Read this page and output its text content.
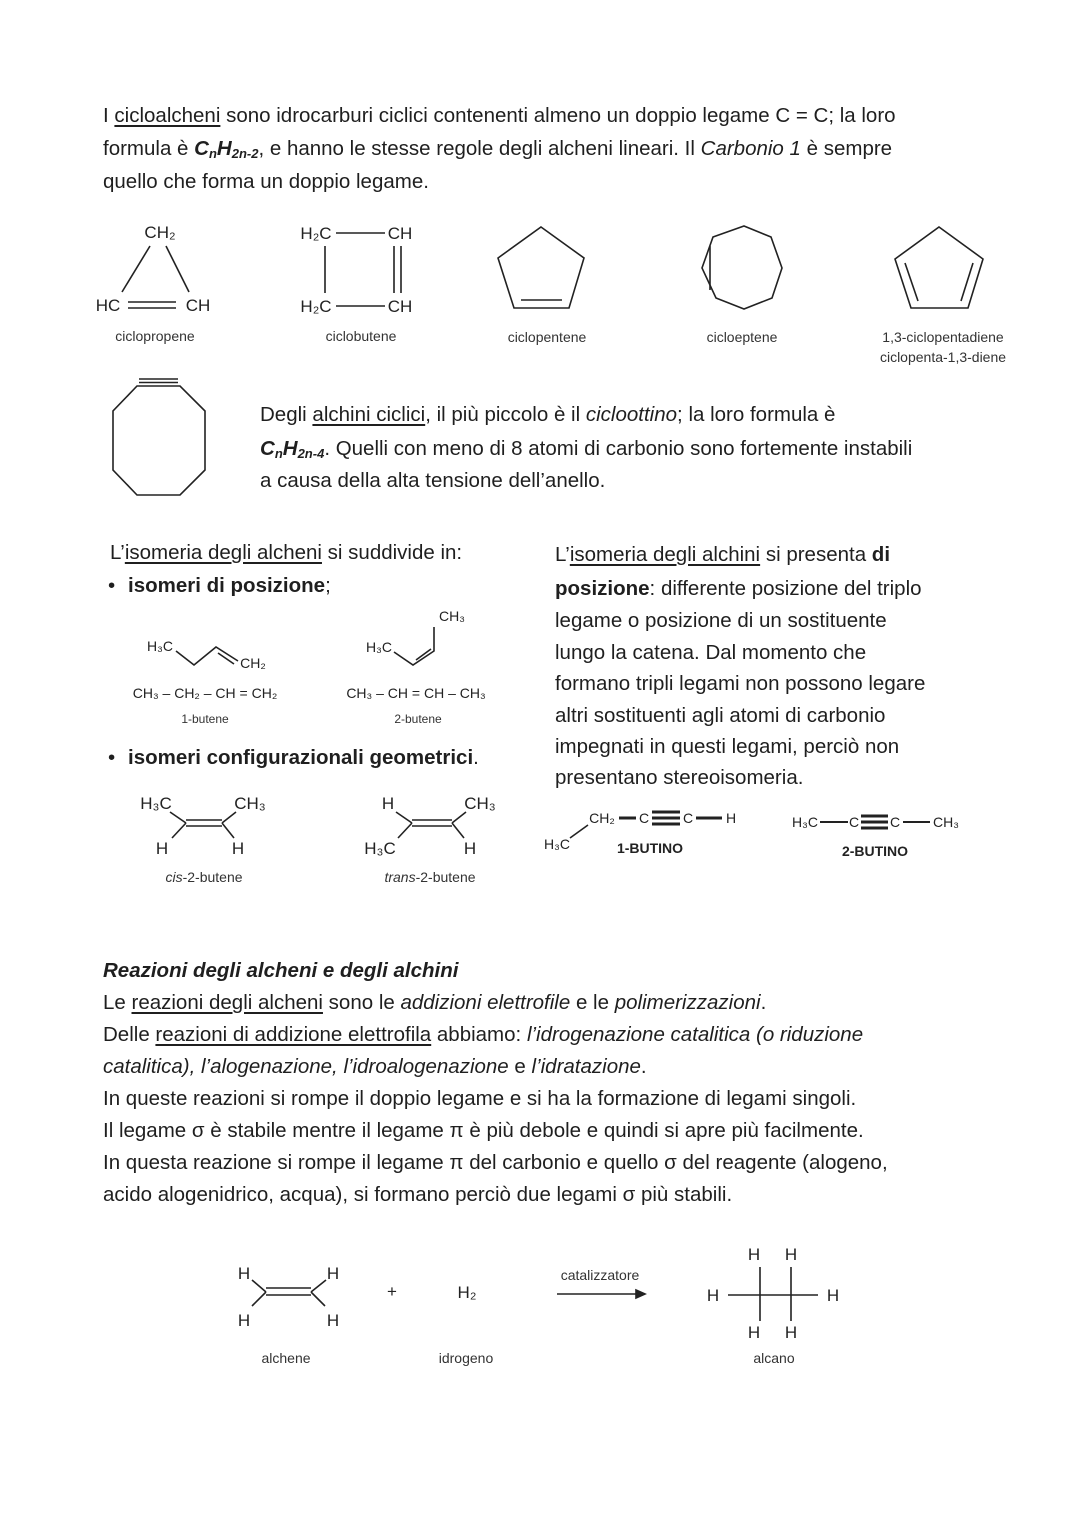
I cicloalcheni sono idrocarburi ciclici contenenti almeno un doppio legame C = C; la loro
formula è $C_nH_{2n-2}$, e hanno le stesse regole degli alcheni lineari. Il Carbonio 1 è sempre
quello che forma un doppio legame.
Degli alchini ciclici, il più piccolo è il cicloottino; la loro formula è
$C_nH_{2n-4}$. Quelli con meno di 8 atomi di carbonio sono fortemente instabili
a causa della alta tensione dell’anello.
L’isomeria degli alcheni si suddivide in:
• isomeri di posizione;
• isomeri configurazionali geometrici.
L’isomeria degli alchini si presenta di
posizione: differente posizione del triplo
legame o posizione di un sostituente
lungo la catena. Dal momento che
formano tripli legami non possono legare
altri sostituenti agli atomi di carbonio
impegnati in questi legami, perciò non
presentano stereoisomeria.
Reazioni degli alcheni e degli alchini
Le reazioni degli alcheni sono le addizioni elettrofile e le polimerizzazioni.
Delle reazioni di addizione elettrofila abbiamo: l’idrogenazione catalitica (o riduzione
catalitica), l’alogenazione, l’idroalogenazione e l’idratazione.
In queste reazioni si rompe il doppio legame e si ha la formazione di legami singoli.
Il legame σ è stabile mentre il legame π è più debole e quindi si apre più facilmente.
In questa reazione si rompe il legame π del carbonio e quello σ del reagente (alogeno,
acido alogenidrico, acqua), si formano perciò due legami σ più stabili.
CH₂
HC	CH
ciclopropene
H₂C	CH
H₂C	CH
ciclobutene	ciclopentene	cicloeptene	1,3-ciclopentadiene
ciclopenta-1,3-diene
H₃C
CH₂
CH₃ – CH₂ – CH = CH₂
1-butene
CH₃
H₃C
CH₃ – CH = CH – CH₃
2-butene
H₃C	CH₃
H	H
cis-2-butene
H	CH₃
H₃C	H
trans-2-butene
H₃C
CH₂ C C H
1-BUTINO
H₃C C C CH₃
2-BUTINO
H	H
H	H
alchene
+	H₂
idrogeno
catalizzatore
H H
H	H
H H
alcano
